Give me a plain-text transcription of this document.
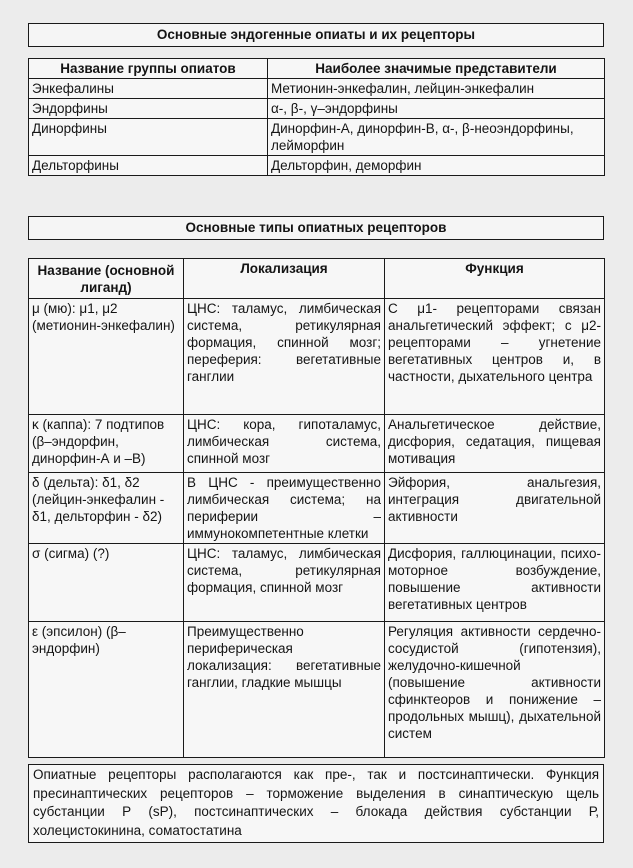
Основные эндогенные опиаты и их рецепторы
Название группы опиатов	Наиболее значимые представители
Энкефалины	Метионин-энкефалин, лейцин-энкефалин
Эндорфины	α-, β-, γ–эндорфины
Динорфины	Динорфин-А, динорфин-В, α-, β-неоэндорфины, лейморфин
Дельторфины	Дельторфин, деморфин
Основные типы опиатных рецепторов
Название (основной лиганд)	Локализация	Функция
μ (мю): μ1, μ2 (метионин-энкефалин)	ЦНС: таламус, лимбическая система, ретикулярная формация, спинной мозг; переферия: вегетативные ганглии	С μ1- рецепторами связан анальгетический эффект; с μ2-рецепторами – угнетение вегетативных центров и, в частности, дыхательного центра
κ (каппа): 7 подтипов (β–эндорфин, динорфин-А и –В)	ЦНС: кора, гипоталамус, лимбическая система, спинной мозг	Анальгетическое действие, дисфория, седатация, пищевая мотивация
δ (дельта): δ1, δ2 (лейцин-энкефалин - δ1, дельторфин - δ2)	В ЦНС - преимущественно лимбическая система; на периферии – иммунокомпетентные клетки	Эйфория, анальгезия, интеграция двигательной активности
σ (сигма) (?)	ЦНС: таламус, лимбическая система, ретикулярная формация, спинной мозг	Дисфория, галлюцинации, психо-моторное возбуждение, повышение активности вегетативных центров
ε (эпсилон) (β–эндорфин)	Преимущественно периферическая локализация: вегетативные ганглии, гладкие мышцы	Регуляция активности сердечно-сосудистой (гипотензия), желудочно-кишечной (повышение активности сфинктеоров и понижение – продольных мышц), дыхательной систем
Опиатные рецепторы располагаются как пре-, так и постсинаптически. Функция пресинаптических рецепторов – торможение выделения в синаптическую щель субстанции Р (sP), постсинаптических – блокада действия субстанции Р, холецистокинина, соматостатина
